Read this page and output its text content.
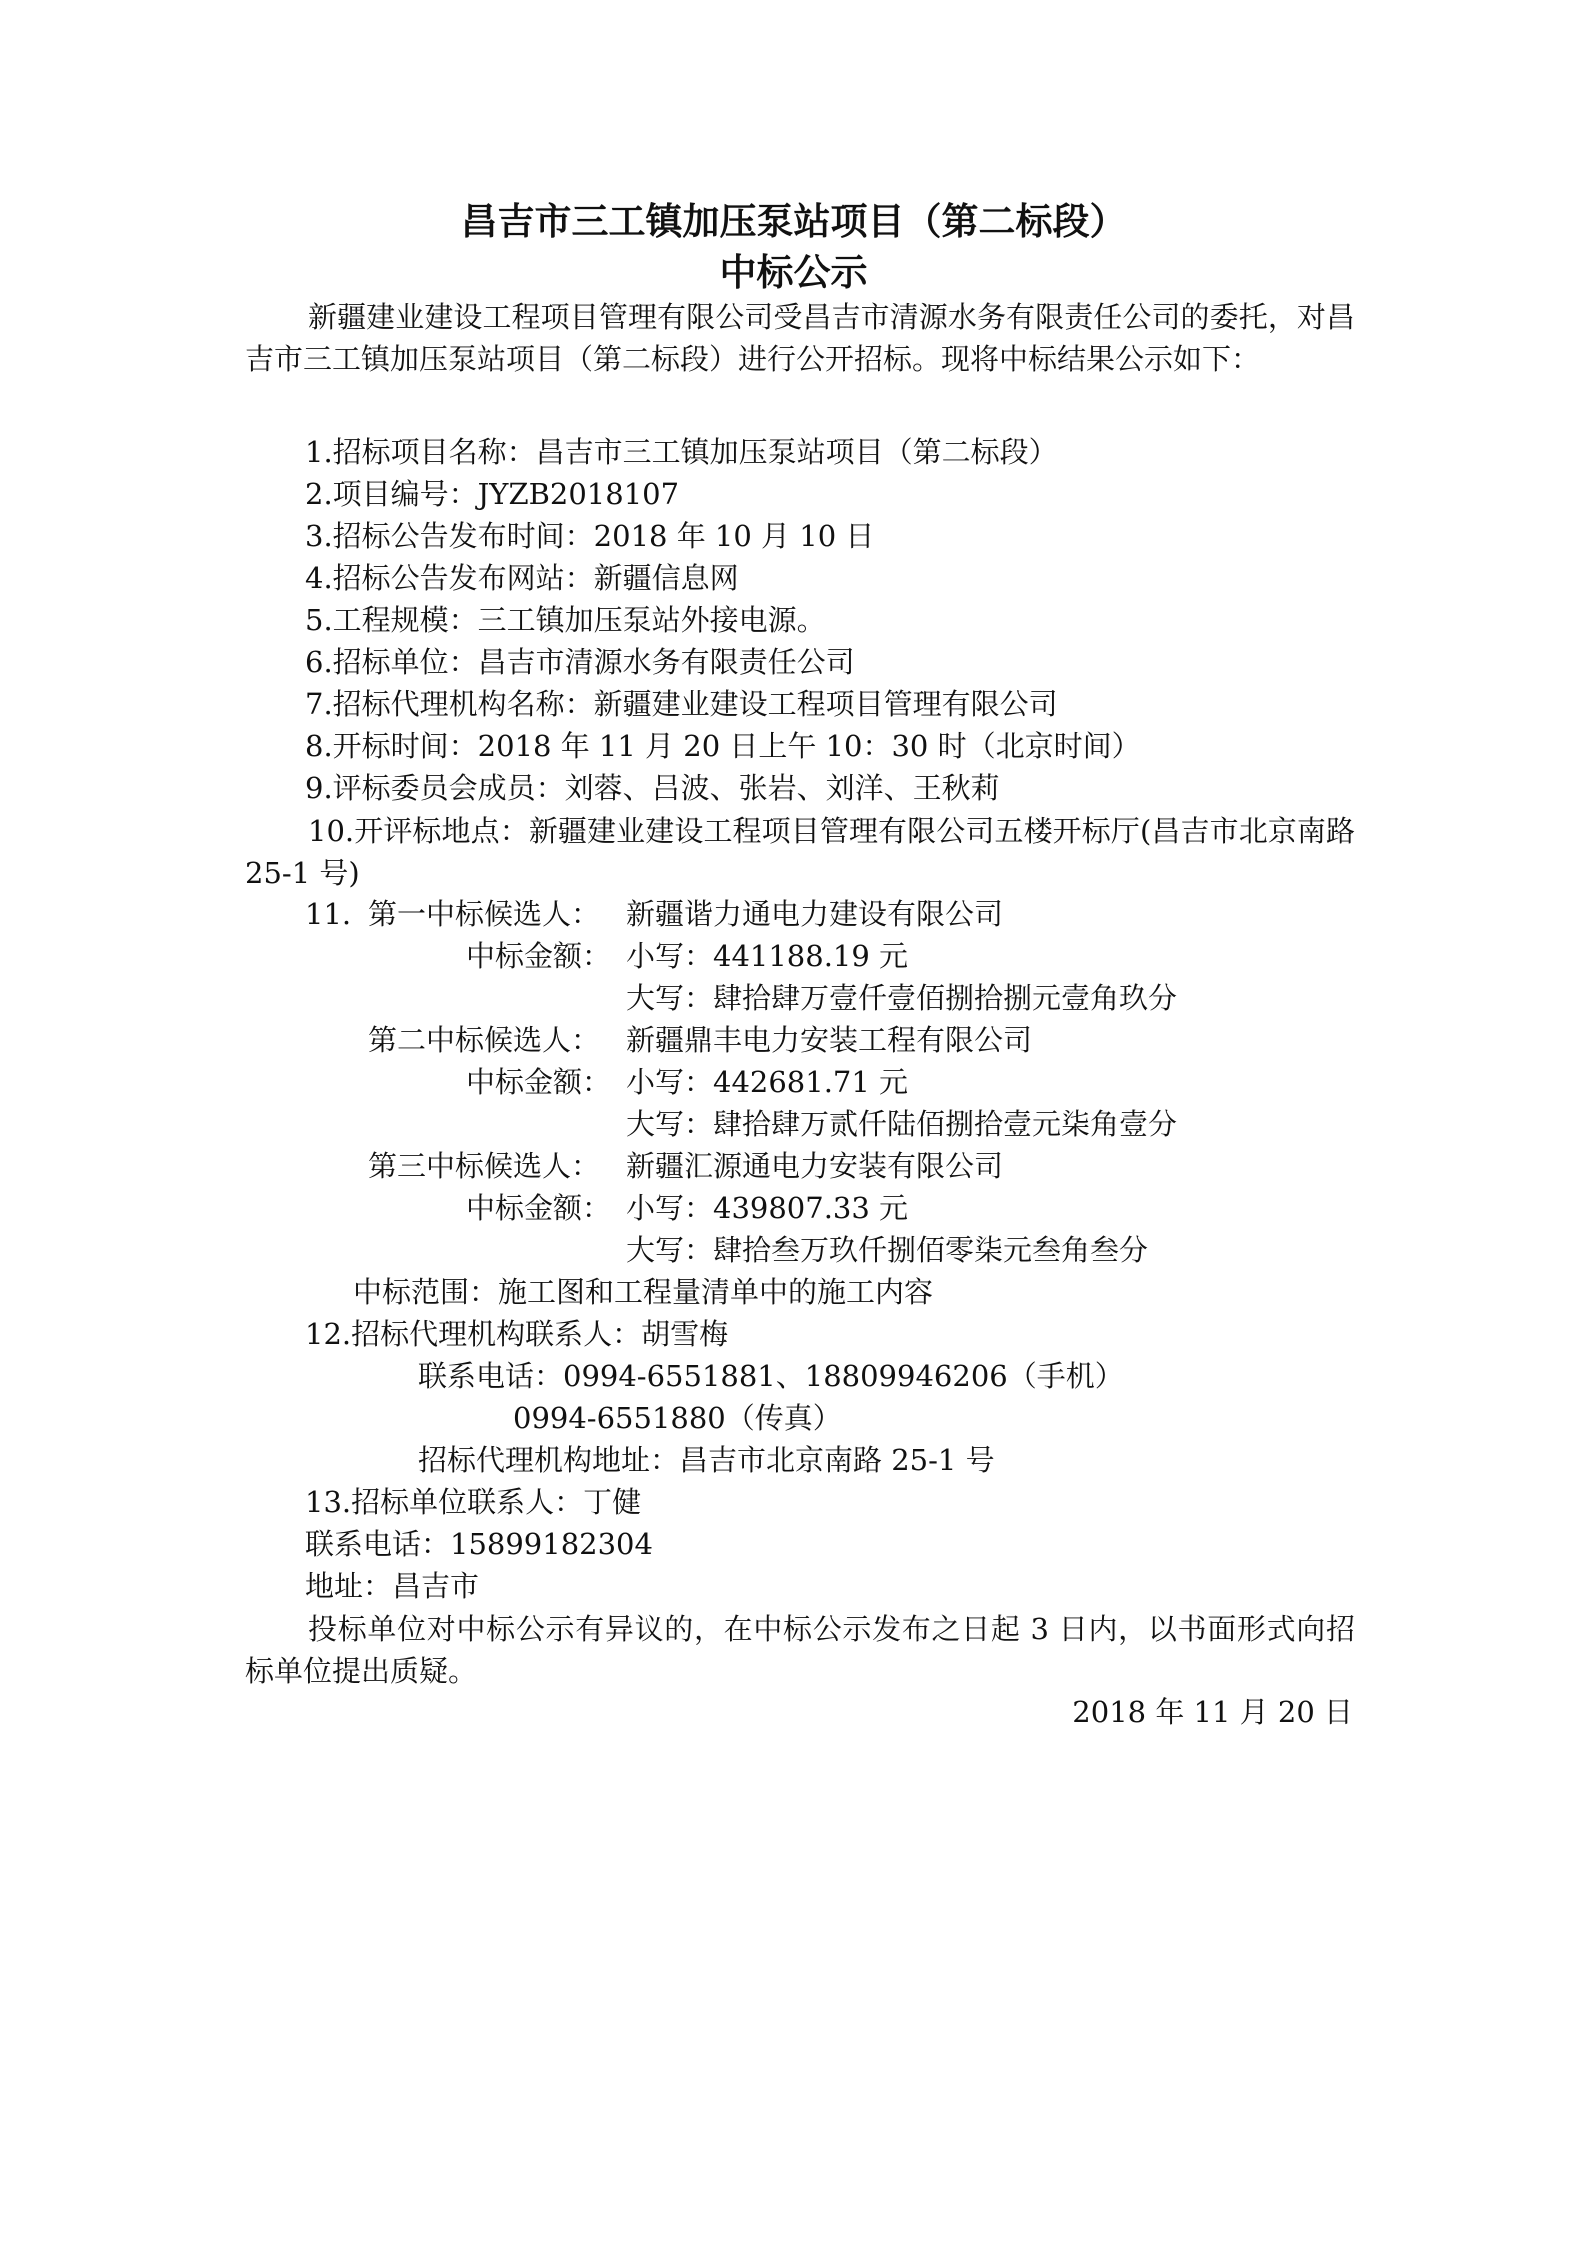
昌吉市三工镇加压泵站项目（第二标段）
中标公示
新疆建业建设工程项目管理有限公司受昌吉市清源水务有限责任公司的委托，对昌吉市三工镇加压泵站项目（第二标段）进行公开招标。现将中标结果公示如下：
1.招标项目名称：昌吉市三工镇加压泵站项目（第二标段）
2.项目编号：JYZB2018107
3.招标公告发布时间：2018 年 10 月 10 日
4.招标公告发布网站：新疆信息网
5.工程规模：三工镇加压泵站外接电源。
6.招标单位：昌吉市清源水务有限责任公司
7.招标代理机构名称：新疆建业建设工程项目管理有限公司
8.开标时间：2018 年 11 月 20 日上午 10：30 时（北京时间）
9.评标委员会成员：刘蓉、吕波、张岩、刘洋、王秋莉
10.开评标地点：新疆建业建设工程项目管理有限公司五楼开标厅(昌吉市北京南路 25-1 号)
11. 第一中标候选人： 新疆谐力通电力建设有限公司
中标金额： 小写：441188.19 元
大写：肆拾肆万壹仟壹佰捌拾捌元壹角玖分
第二中标候选人： 新疆鼎丰电力安装工程有限公司
中标金额： 小写：442681.71 元
大写：肆拾肆万贰仟陆佰捌拾壹元柒角壹分
第三中标候选人： 新疆汇源通电力安装有限公司
中标金额： 小写：439807.33 元
大写：肆拾叁万玖仟捌佰零柒元叁角叁分
中标范围：施工图和工程量清单中的施工内容
12.招标代理机构联系人：胡雪梅
联系电话：0994-6551881、18809946206（手机）
0994-6551880（传真）
招标代理机构地址：昌吉市北京南路 25-1 号
13.招标单位联系人：丁健
联系电话：15899182304
地址：昌吉市
投标单位对中标公示有异议的，在中标公示发布之日起 3 日内，以书面形式向招标单位提出质疑。
2018 年 11 月 20 日
